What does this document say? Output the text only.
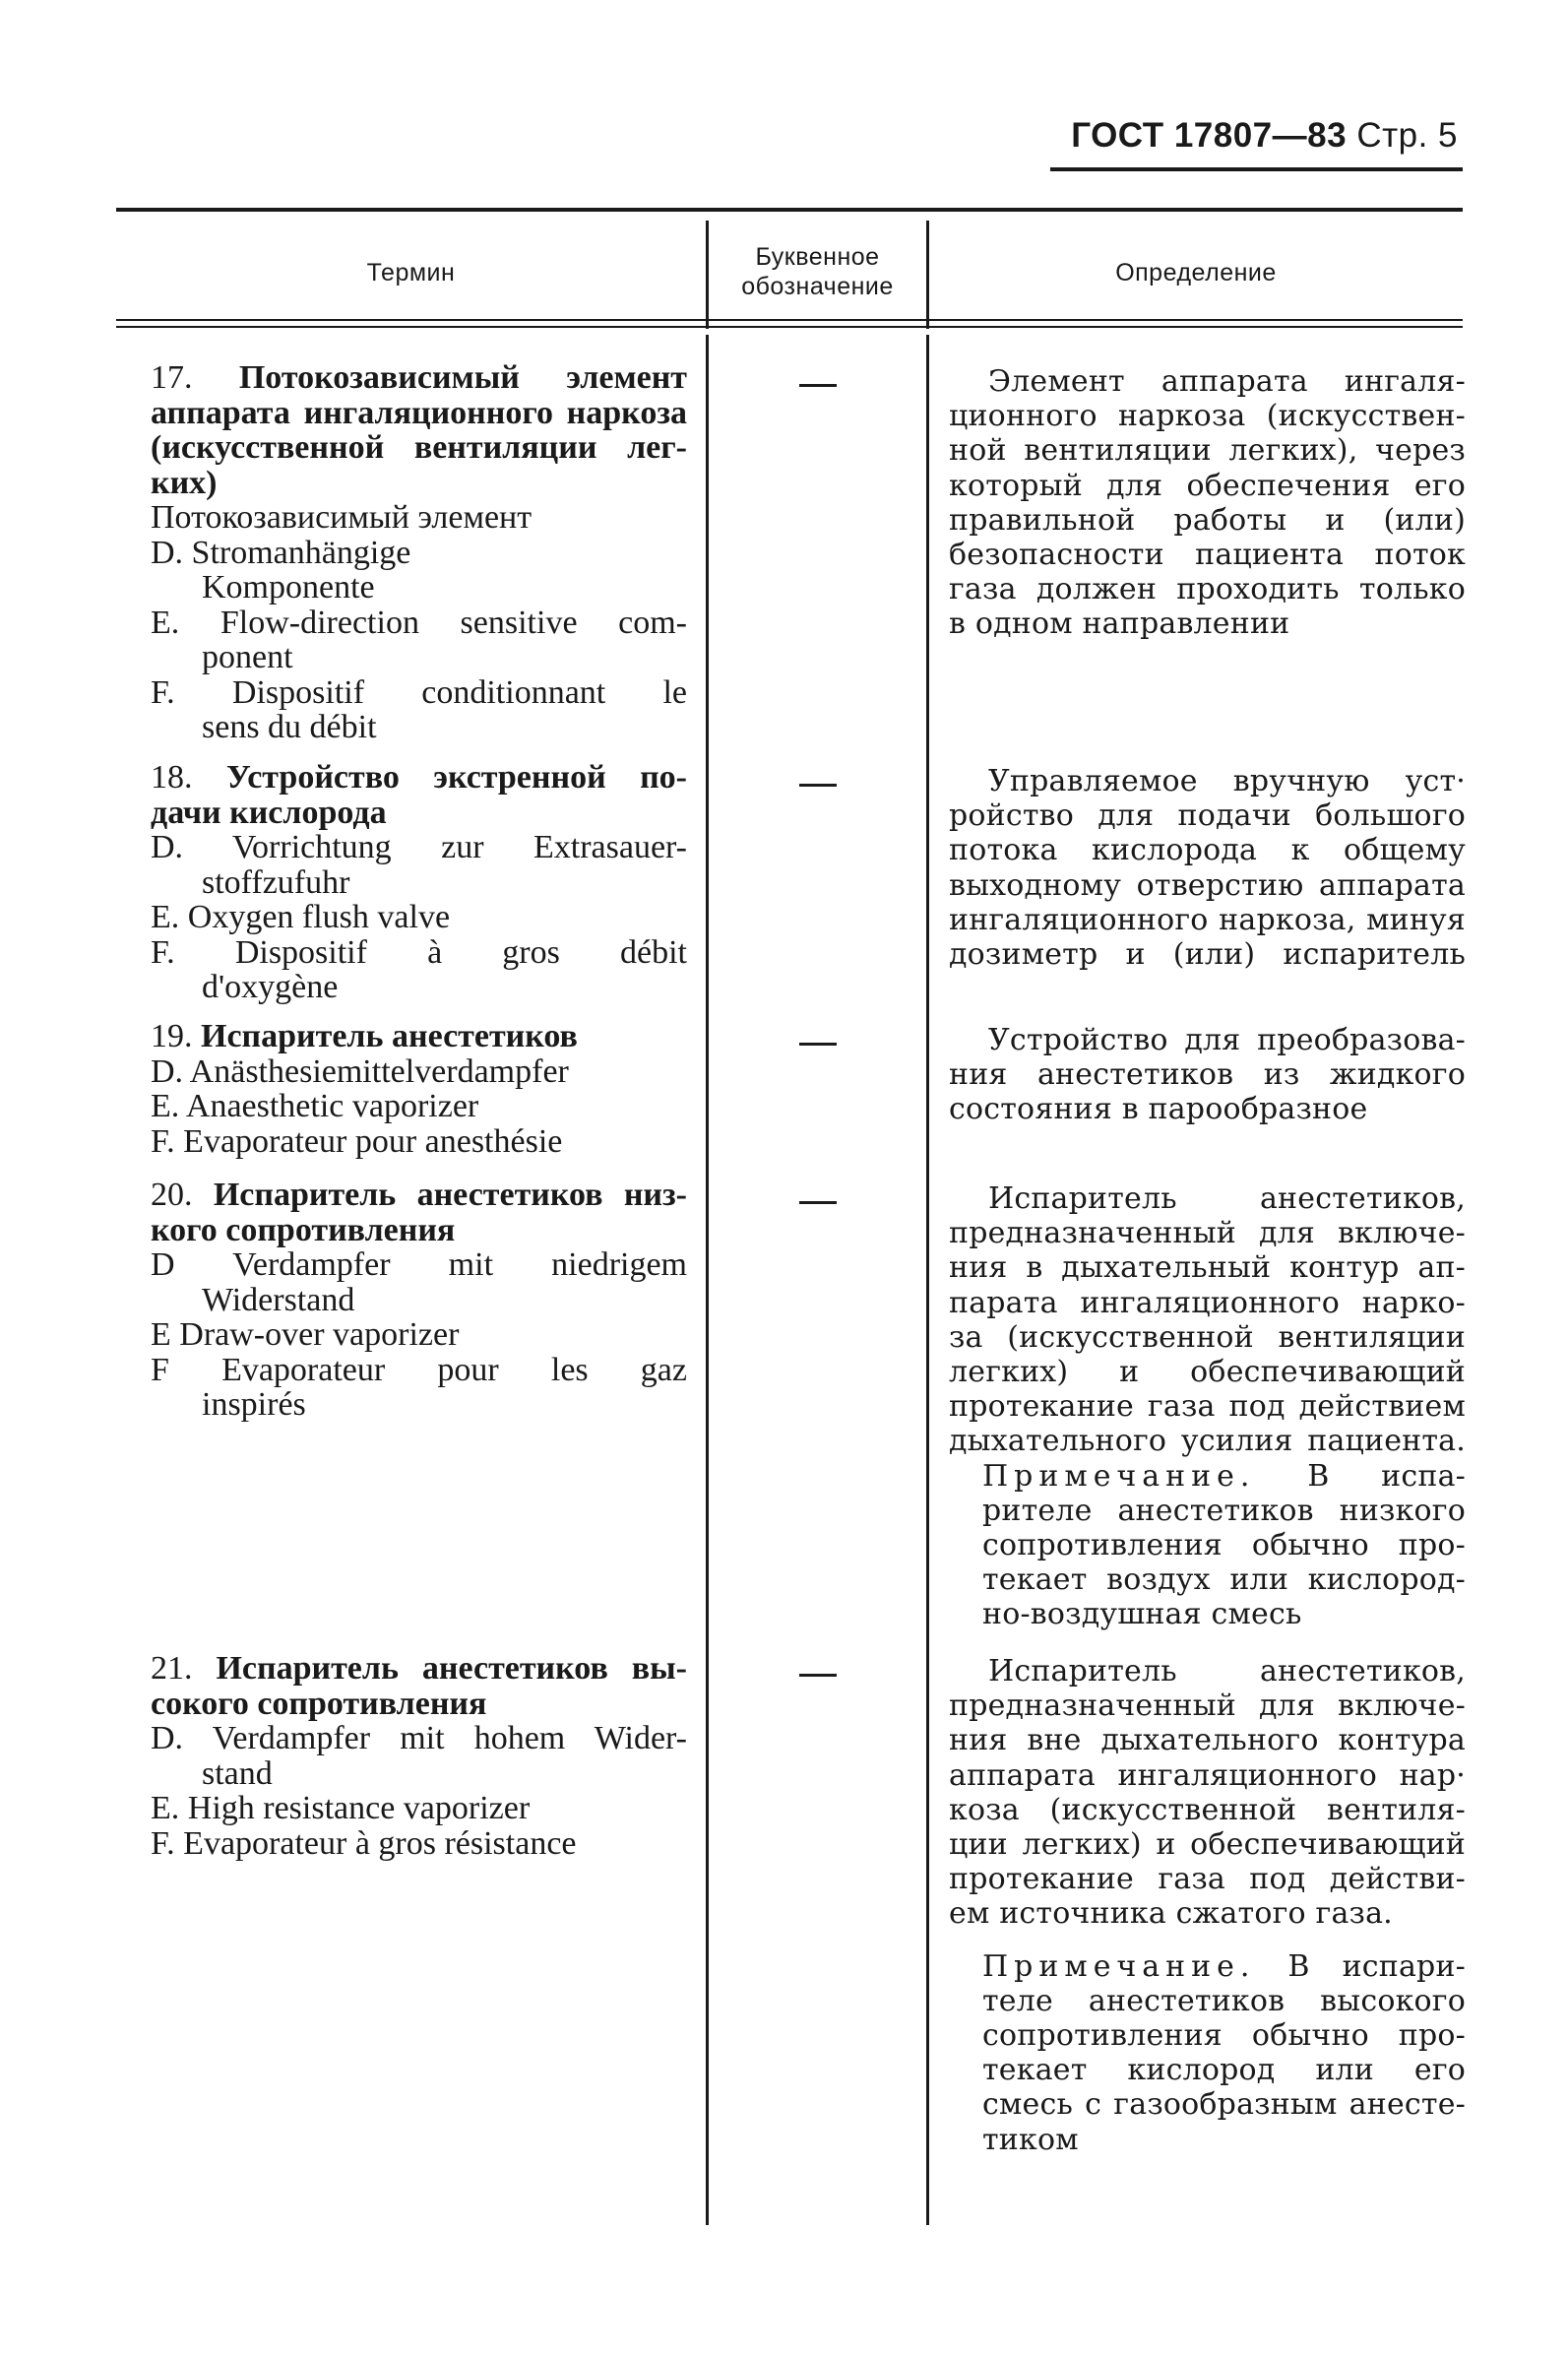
ГОСТ 17807—83 Стр. 5
Термин
Буквенное
обозначение	Определение
17. Потокозависимый элемент
аппарата ингаляционного наркоза
(искусственной вентиляции лег-
ких)
Потокозависимый элемент
D. Stromanhängige
Komponente
E. Flow-direction sensitive com-
ponent
F. Dispositif conditionnant le
sens du débit
Элемент аппарата ингаля-
ционного наркоза (искусствен-
ной вентиляции легких), через
который для обеспечения его
правильной работы и (или)
безопасности пациента поток
газа должен проходить только
в одном направлении
18. Устройство экстренной по-
дачи кислорода
D. Vorrichtung zur Extrasauer-
stoffzufuhr
E. Oxygen flush valve
F. Dispositif à gros débit
d'oxygène
Управляемое вручную уст·
ройство для подачи большого
потока кислорода к общему
выходному отверстию аппарата
ингаляционного наркоза, минуя
дозиметр и (или) испаритель
19. Испаритель анестетиков
D. Anästhesiemittelverdampfer
E. Anaesthetic vaporizer
F. Evaporateur pour anesthésie
Устройство для преобразова-
ния анестетиков из жидкого
состояния в парообразное
20. Испаритель анестетиков низ-
кого сопротивления
D Verdampfer mit niedrigem
Widerstand
E Draw-over vaporizer
F Evaporateur pour les gaz
inspirés
Испаритель анестетиков,
предназначенный для включе-
ния в дыхательный контур ап-
парата ингаляционного нарко-
за (искусственной вентиляции
легких) и обеспечивающий
протекание газа под действием
дыхательного усилия пациента.
Примечание. В испа-
рителе анестетиков низкого
сопротивления обычно про-
текает воздух или кислород-
но-воздушная смесь
21. Испаритель анестетиков вы-
сокого сопротивления
D. Verdampfer mit hohem Wider-
stand
E. High resistance vaporizer
F. Evaporateur à gros résistance
Испаритель анестетиков,
предназначенный для включе-
ния вне дыхательного контура
аппарата ингаляционного нар·
коза (искусственной вентиля-
ции легких) и обеспечивающий
протекание газа под действи-
ем источника сжатого газа.
Примечание. В испари-
теле анестетиков высокого
сопротивления обычно про-
текает кислород или его
смесь с газообразным анесте-
тиком
